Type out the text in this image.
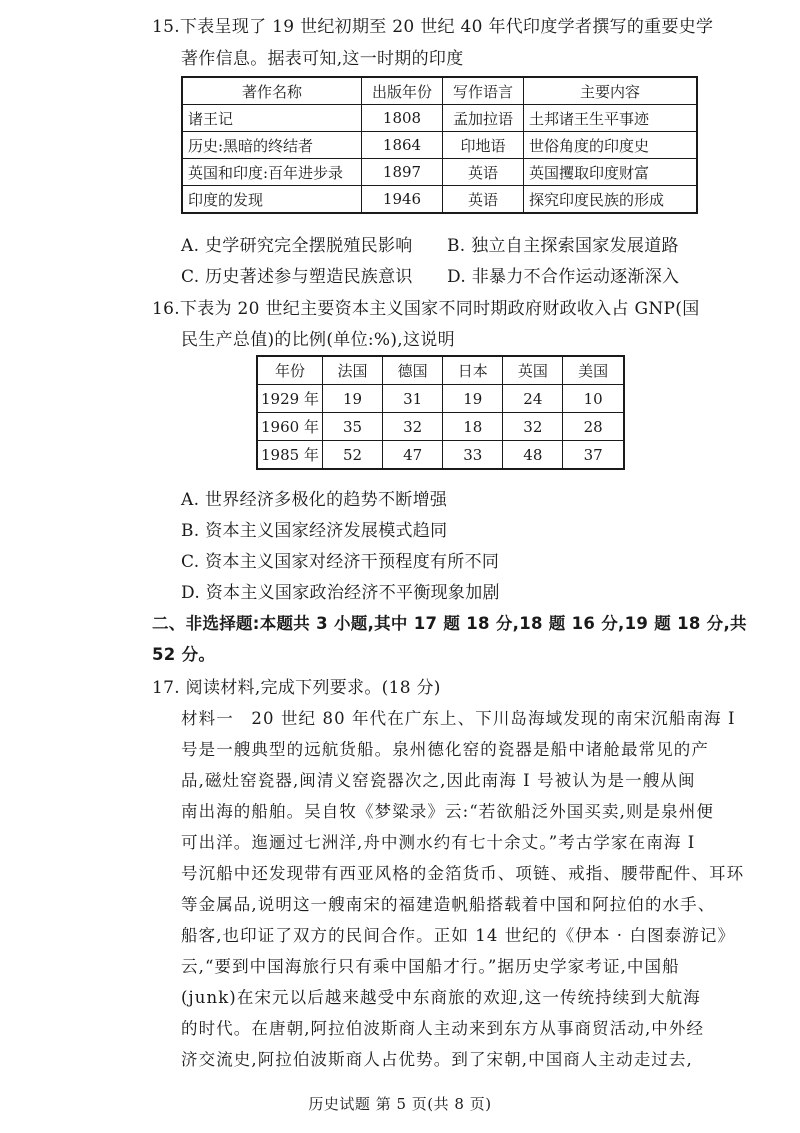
15.下表呈现了 19 世纪初期至 20 世纪 40 年代印度学者撰写的重要史学
著作信息。据表可知,这一时期的印度
著作名称	出版年份	写作语言	主要内容
诸王记	1808	孟加拉语	土邦诸王生平事迹
历史:黑暗的终结者	1864	印地语	世俗角度的印度史
英国和印度:百年进步录	1897	英语	英国攫取印度财富
印度的发现	1946	英语	探究印度民族的形成
A. 史学研究完全摆脱殖民影响 B. 独立自主探索国家发展道路
C. 历史著述参与塑造民族意识 D. 非暴力不合作运动逐渐深入
16.下表为 20 世纪主要资本主义国家不同时期政府财政收入占 GNP(国
民生产总值)的比例(单位:%),这说明
年份	法国	德国	日本	英国	美国
1929 年	19	31	19	24	10
1960 年	35	32	18	32	28
1985 年	52	47	33	48	37
A. 世界经济多极化的趋势不断增强
B. 资本主义国家经济发展模式趋同
C. 资本主义国家对经济干预程度有所不同
D. 资本主义国家政治经济不平衡现象加剧
二、非选择题:本题共 3 小题,其中 17 题 18 分,18 题 16 分,19 题 18 分,共
52 分。
17. 阅读材料,完成下列要求。(18 分)
材料一　20 世纪 80 年代在广东上、下川岛海域发现的南宋沉船南海 I
号是一艘典型的远航货船。泉州德化窑的瓷器是船中诸舱最常见的产
品,磁灶窑瓷器,闽清义窑瓷器次之,因此南海 I 号被认为是一艘从闽
南出海的船舶。吴自牧《梦粱录》云:“若欲船泛外国买卖,则是泉州便
可出洋。迤逦过七洲洋,舟中测水约有七十余丈。”考古学家在南海 I
号沉船中还发现带有西亚风格的金箔货币、项链、戒指、腰带配件、耳环
等金属品,说明这一艘南宋的福建造帆船搭载着中国和阿拉伯的水手、
船客,也印证了双方的民间合作。正如 14 世纪的《伊本 · 白图泰游记》
云,“要到中国海旅行只有乘中国船才行。”据历史学家考证,中国船
(junk)在宋元以后越来越受中东商旅的欢迎,这一传统持续到大航海
的时代。在唐朝,阿拉伯波斯商人主动来到东方从事商贸活动,中外经
济交流史,阿拉伯波斯商人占优势。到了宋朝,中国商人主动走过去,
历史试题 第 5 页(共 8 页)
